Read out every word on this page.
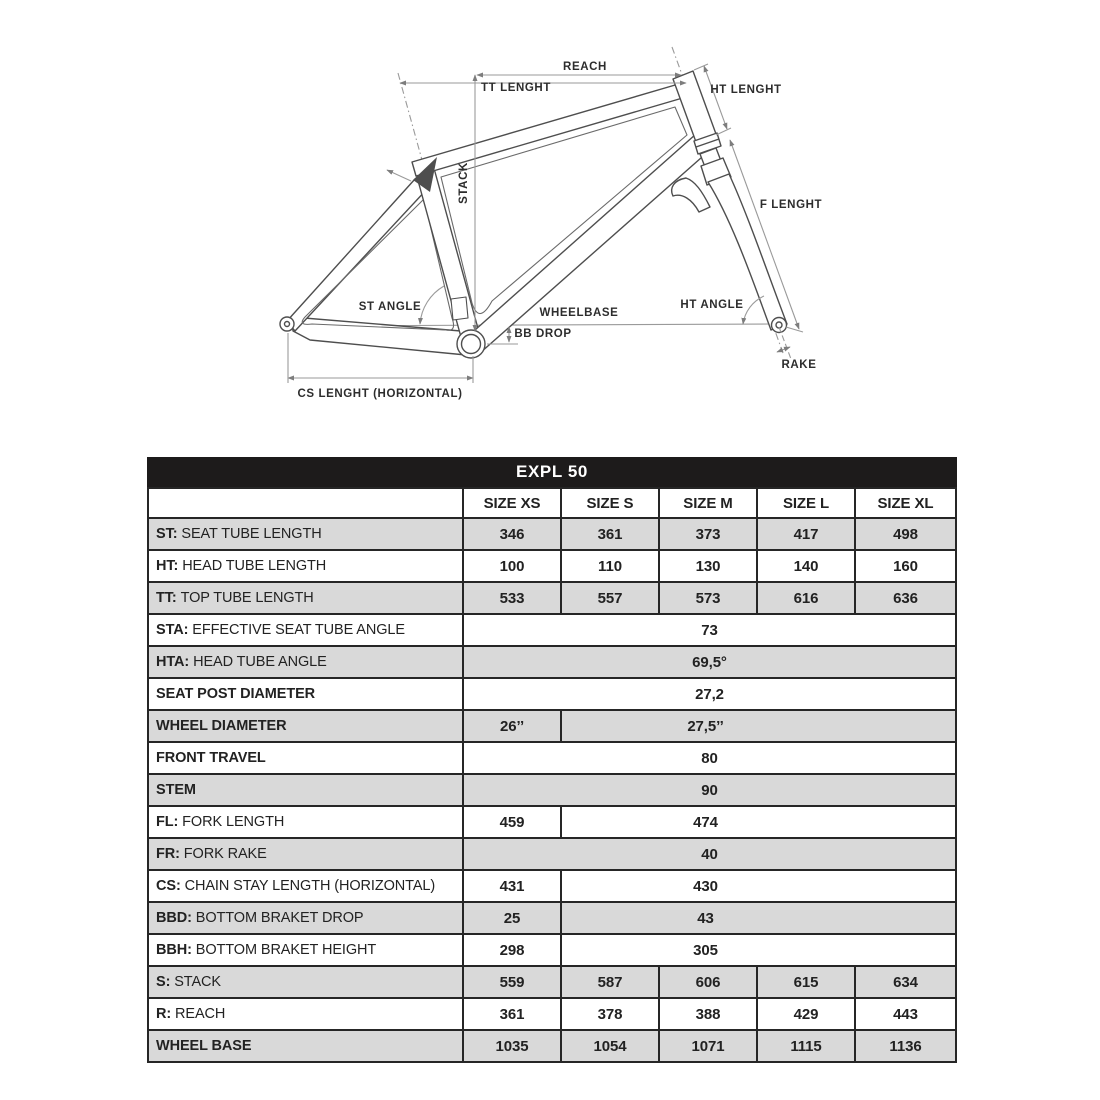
REACH
TT LENGHT	HT LENGHT
STACK
F LENGHT
ST ANGLE	WHEELBASE
BB DROP
HT ANGLE
RAKE
CS LENGHT (HORIZONTAL)
EXPL 50
	SIZE XS	SIZE S	SIZE M	SIZE L	SIZE XL
ST: SEAT TUBE LENGTH	346	361	373	417	498
HT: HEAD TUBE LENGTH	100	110	130	140	160
TT: TOP TUBE LENGTH	533	557	573	616	636
STA: EFFECTIVE SEAT TUBE ANGLE	73				
HTA: HEAD TUBE ANGLE	69,5°				
SEAT POST DIAMETER	27,2				
WHEEL DIAMETER	26’’	27,5’’			
FRONT TRAVEL	80				
STEM	90				
FL: FORK LENGTH	459	474			
FR: FORK RAKE	40				
CS: CHAIN STAY LENGTH (HORIZONTAL)	431	430			
BBD: BOTTOM BRAKET DROP	25	43			
BBH: BOTTOM BRAKET HEIGHT	298	305			
S: STACK	559	587	606	615	634
R: REACH	361	378	388	429	443
WHEEL BASE	1035	1054	1071	1115	1136
